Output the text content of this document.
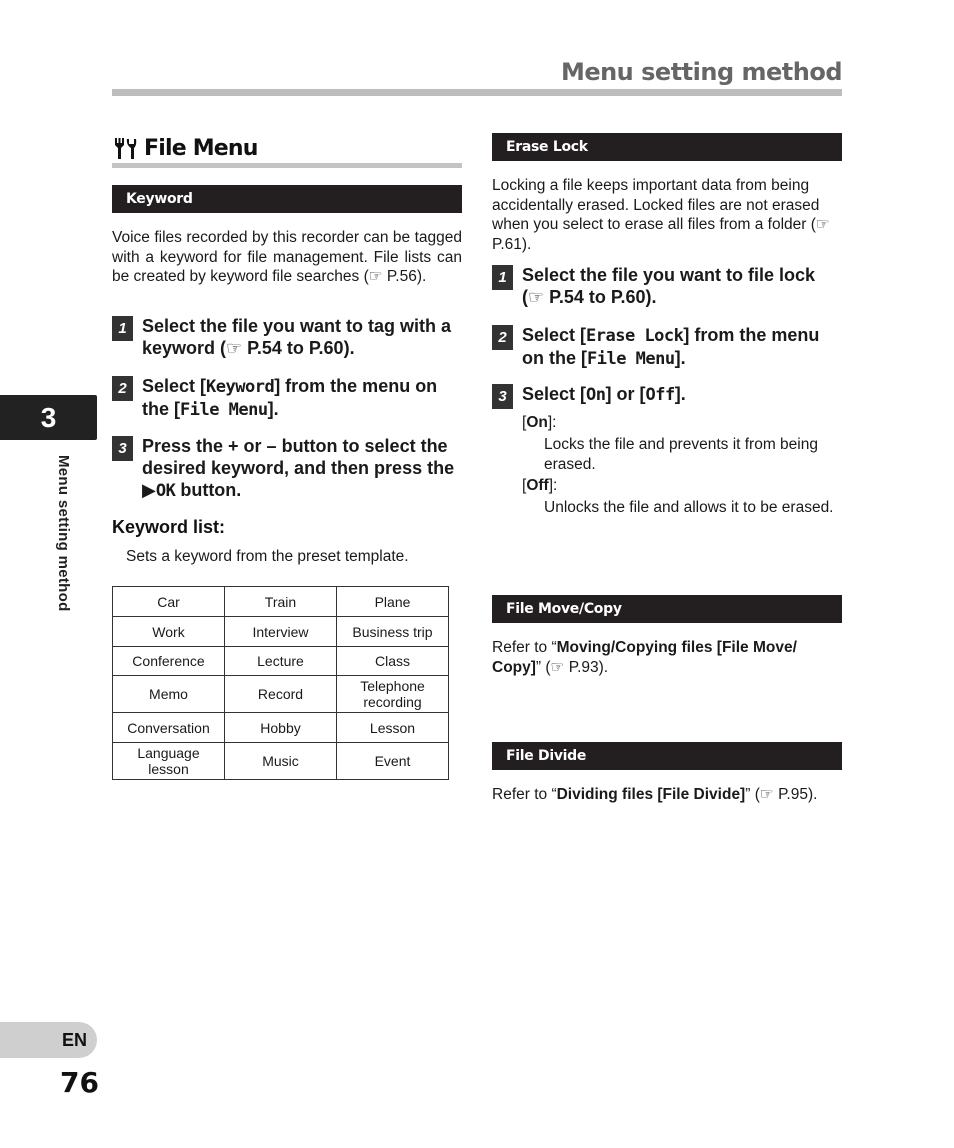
Menu setting method
3
Menu setting method
EN
76
File Menu
Keyword
Voice files recorded by this recorder can be tagged with a keyword for file management. File lists can be created by keyword file searches (☞ P.56).
1 Select the file you want to tag with a keyword (☞ P.54 to P.60).
2 Select [Keyword] from the menu on the [File Menu].
3 Press the + or – button to select the desired keyword, and then press the ▶OK button.
Keyword list:
Sets a keyword from the preset template.
Car	Train	Plane
Work	Interview	Business trip
Conference	Lecture	Class
Memo	Record	Telephone recording
Conversation	Hobby	Lesson
Language lesson	Music	Event
Erase Lock
Locking a file keeps important data from being accidentally erased. Locked files are not erased when you select to erase all files from a folder (☞ P.61).
1 Select the file you want to file lock (☞ P.54 to P.60).
2 Select [Erase Lock] from the menu on the [File Menu].
3 Select [On] or [Off].
[On]:
Locks the file and prevents it from being erased.
[Off]:
Unlocks the file and allows it to be erased.
File Move/Copy
Refer to “Moving/Copying files [File Move/ Copy]” (☞ P.93).
File Divide
Refer to “Dividing files [File Divide]” (☞ P.95).
